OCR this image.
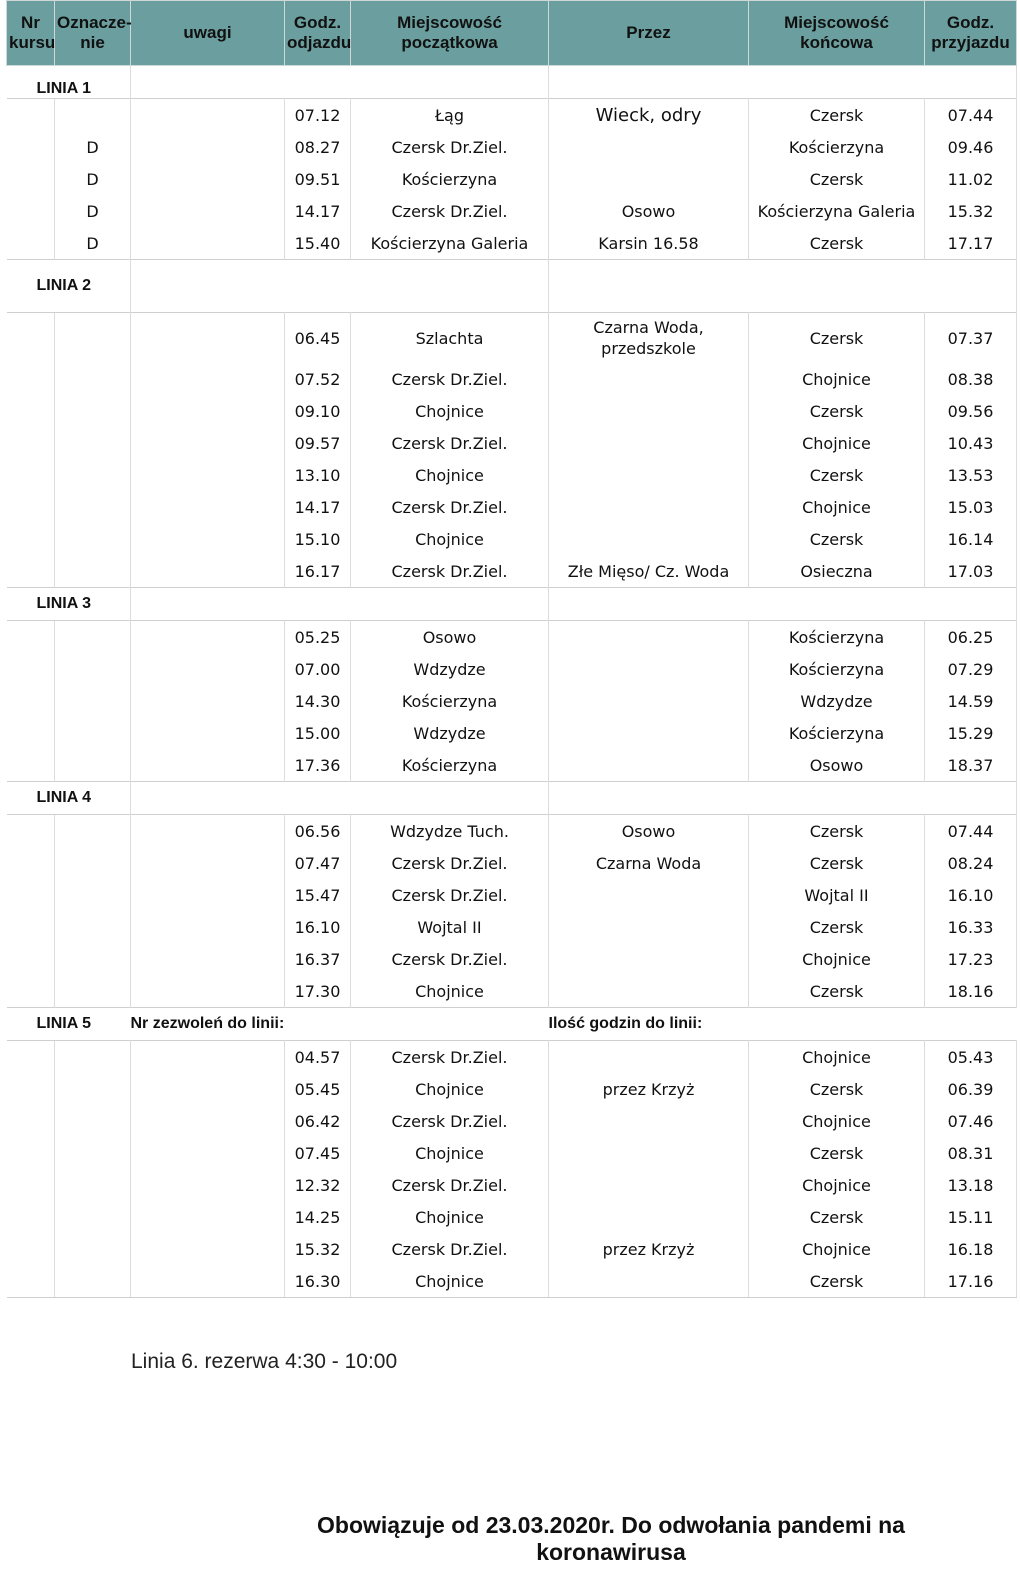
Nr kursu	Oznacze-nie	uwagi	Godz. odjazdu	Miejscowość początkowa	Przez	Miejscowość końcowa	Godz. przyjazdu
LINIA 1							
			07.12	Łąg	Wieck, odry	Czersk	07.44
	D		08.27	Czersk Dr.Ziel.		Kościerzyna	09.46
	D		09.51	Kościerzyna		Czersk	11.02
	D		14.17	Czersk Dr.Ziel.	Osowo	Kościerzyna Galeria	15.32
	D		15.40	Kościerzyna Galeria	Karsin 16.58	Czersk	17.17
LINIA 2							
			06.45	Szlachta	Czarna Woda, przedszkole	Czersk	07.37
			07.52	Czersk Dr.Ziel.		Chojnice	08.38
			09.10	Chojnice		Czersk	09.56
			09.57	Czersk Dr.Ziel.		Chojnice	10.43
			13.10	Chojnice		Czersk	13.53
			14.17	Czersk Dr.Ziel.		Chojnice	15.03
			15.10	Chojnice		Czersk	16.14
			16.17	Czersk Dr.Ziel.	Złe Mięso/ Cz. Woda	Osieczna	17.03
LINIA 3							
			05.25	Osowo		Kościerzyna	06.25
			07.00	Wdzydze		Kościerzyna	07.29
			14.30	Kościerzyna		Wdzydze	14.59
			15.00	Wdzydze		Kościerzyna	15.29
			17.36	Kościerzyna		Osowo	18.37
LINIA 4							
			06.56	Wdzydze Tuch.	Osowo	Czersk	07.44
			07.47	Czersk Dr.Ziel.	Czarna Woda	Czersk	08.24
			15.47	Czersk Dr.Ziel.		Wojtal II	16.10
			16.10	Wojtal II		Czersk	16.33
			16.37	Czersk Dr.Ziel.		Chojnice	17.23
			17.30	Chojnice		Czersk	18.16
LINIA 5		Nr zezwoleń do linii:			Ilość godzin do linii:		
			04.57	Czersk Dr.Ziel.		Chojnice	05.43
			05.45	Chojnice	przez Krzyż	Czersk	06.39
			06.42	Czersk Dr.Ziel.		Chojnice	07.46
			07.45	Chojnice		Czersk	08.31
			12.32	Czersk Dr.Ziel.		Chojnice	13.18
			14.25	Chojnice		Czersk	15.11
			15.32	Czersk Dr.Ziel.	przez Krzyż	Chojnice	16.18
			16.30	Chojnice		Czersk	17.16
Linia 6. rezerwa 4:30 - 10:00
Obowiązuje od 23.03.2020r. Do odwołania pandemi na koronawirusa
